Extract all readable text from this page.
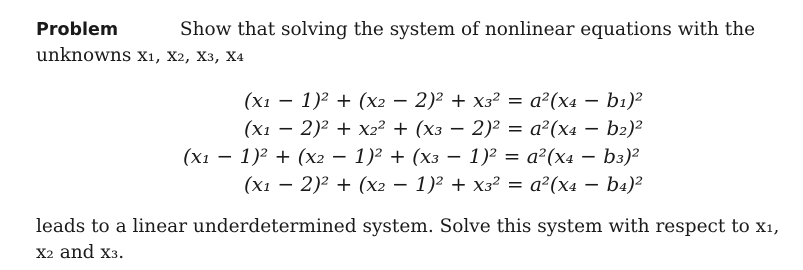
Problem	Show that solving the system of nonlinear equations with the
unknowns x₁, x₂, x₃, x₄
(x₁ − 1)² + (x₂ − 2)² + x₃² = a²(x₄ − b₁)²
(x₁ − 2)² + x₂² + (x₃ − 2)² = a²(x₄ − b₂)²
(x₁ − 1)² + (x₂ − 1)² + (x₃ − 1)² = a²(x₄ − b₃)²
(x₁ − 2)² + (x₂ − 1)² + x₃² = a²(x₄ − b₄)²
leads to a linear underdetermined system. Solve this system with respect to x₁,
x₂ and x₃.
